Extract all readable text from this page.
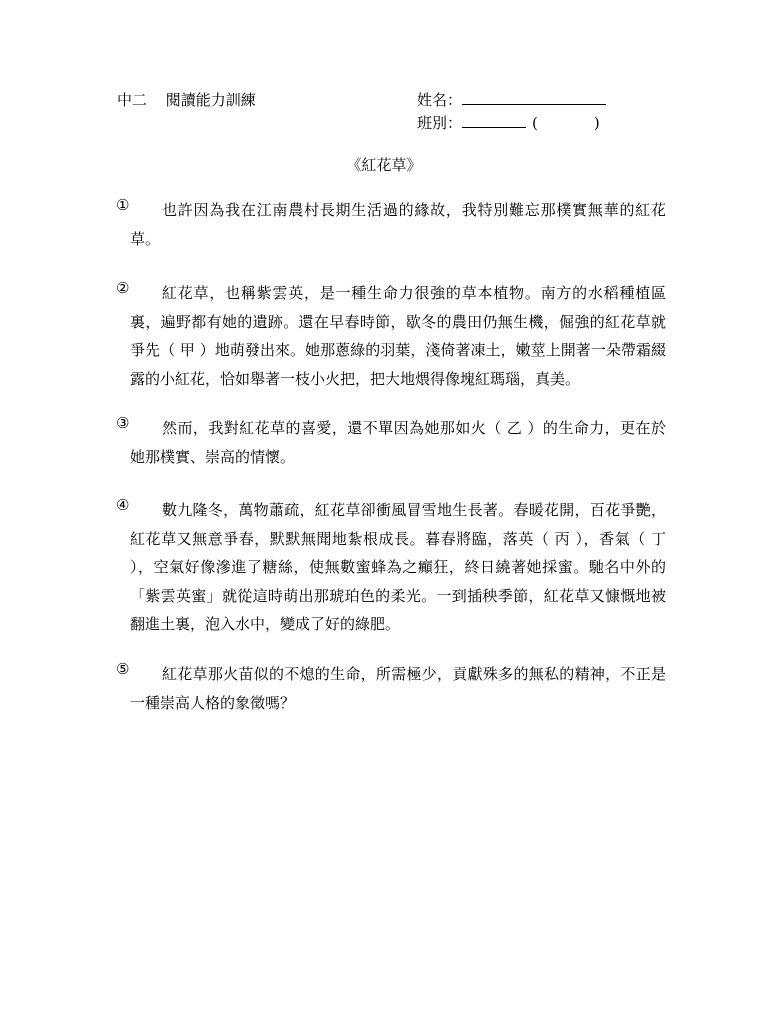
中二 閱讀能力訓練	姓名：
班別：	(	)
《紅花草》
①	也許因為我在江南農村長期生活過的緣故，我特別難忘那樸實無華的紅花草。
②	紅花草，也稱紫雲英，是一種生命力很強的草本植物。南方的水稻種植區裏，遍野都有她的遺跡。還在早春時節，歇冬的農田仍無生機，倔強的紅花草就爭先（ 甲 ）地萌發出來。她那蔥綠的羽葉，淺倚著凍土，嫩莖上開著一朵帶霜綴露的小紅花，恰如舉著一枝小火把，把大地煨得像塊紅瑪瑙，真美。
③	然而，我對紅花草的喜愛，還不單因為她那如火（ 乙 ）的生命力，更在於她那樸實、崇高的情懷。
④	數九隆冬，萬物蕭疏，紅花草卻衝風冒雪地生長著。春暖花開，百花爭艷，紅花草又無意爭春，默默無聞地紮根成長。暮春將臨，落英（ 丙 ），香氣（ 丁 ），空氣好像滲進了糖絲，使無數蜜蜂為之癲狂，終日繞著她採蜜。馳名中外的「紫雲英蜜」就從這時萌出那琥珀色的柔光。一到插秧季節，紅花草又慷慨地被翻進土裏，泡入水中，變成了好的綠肥。
⑤	紅花草那火苗似的不熄的生命，所需極少，貢獻殊多的無私的精神，不正是一種崇高人格的象徵嗎？
